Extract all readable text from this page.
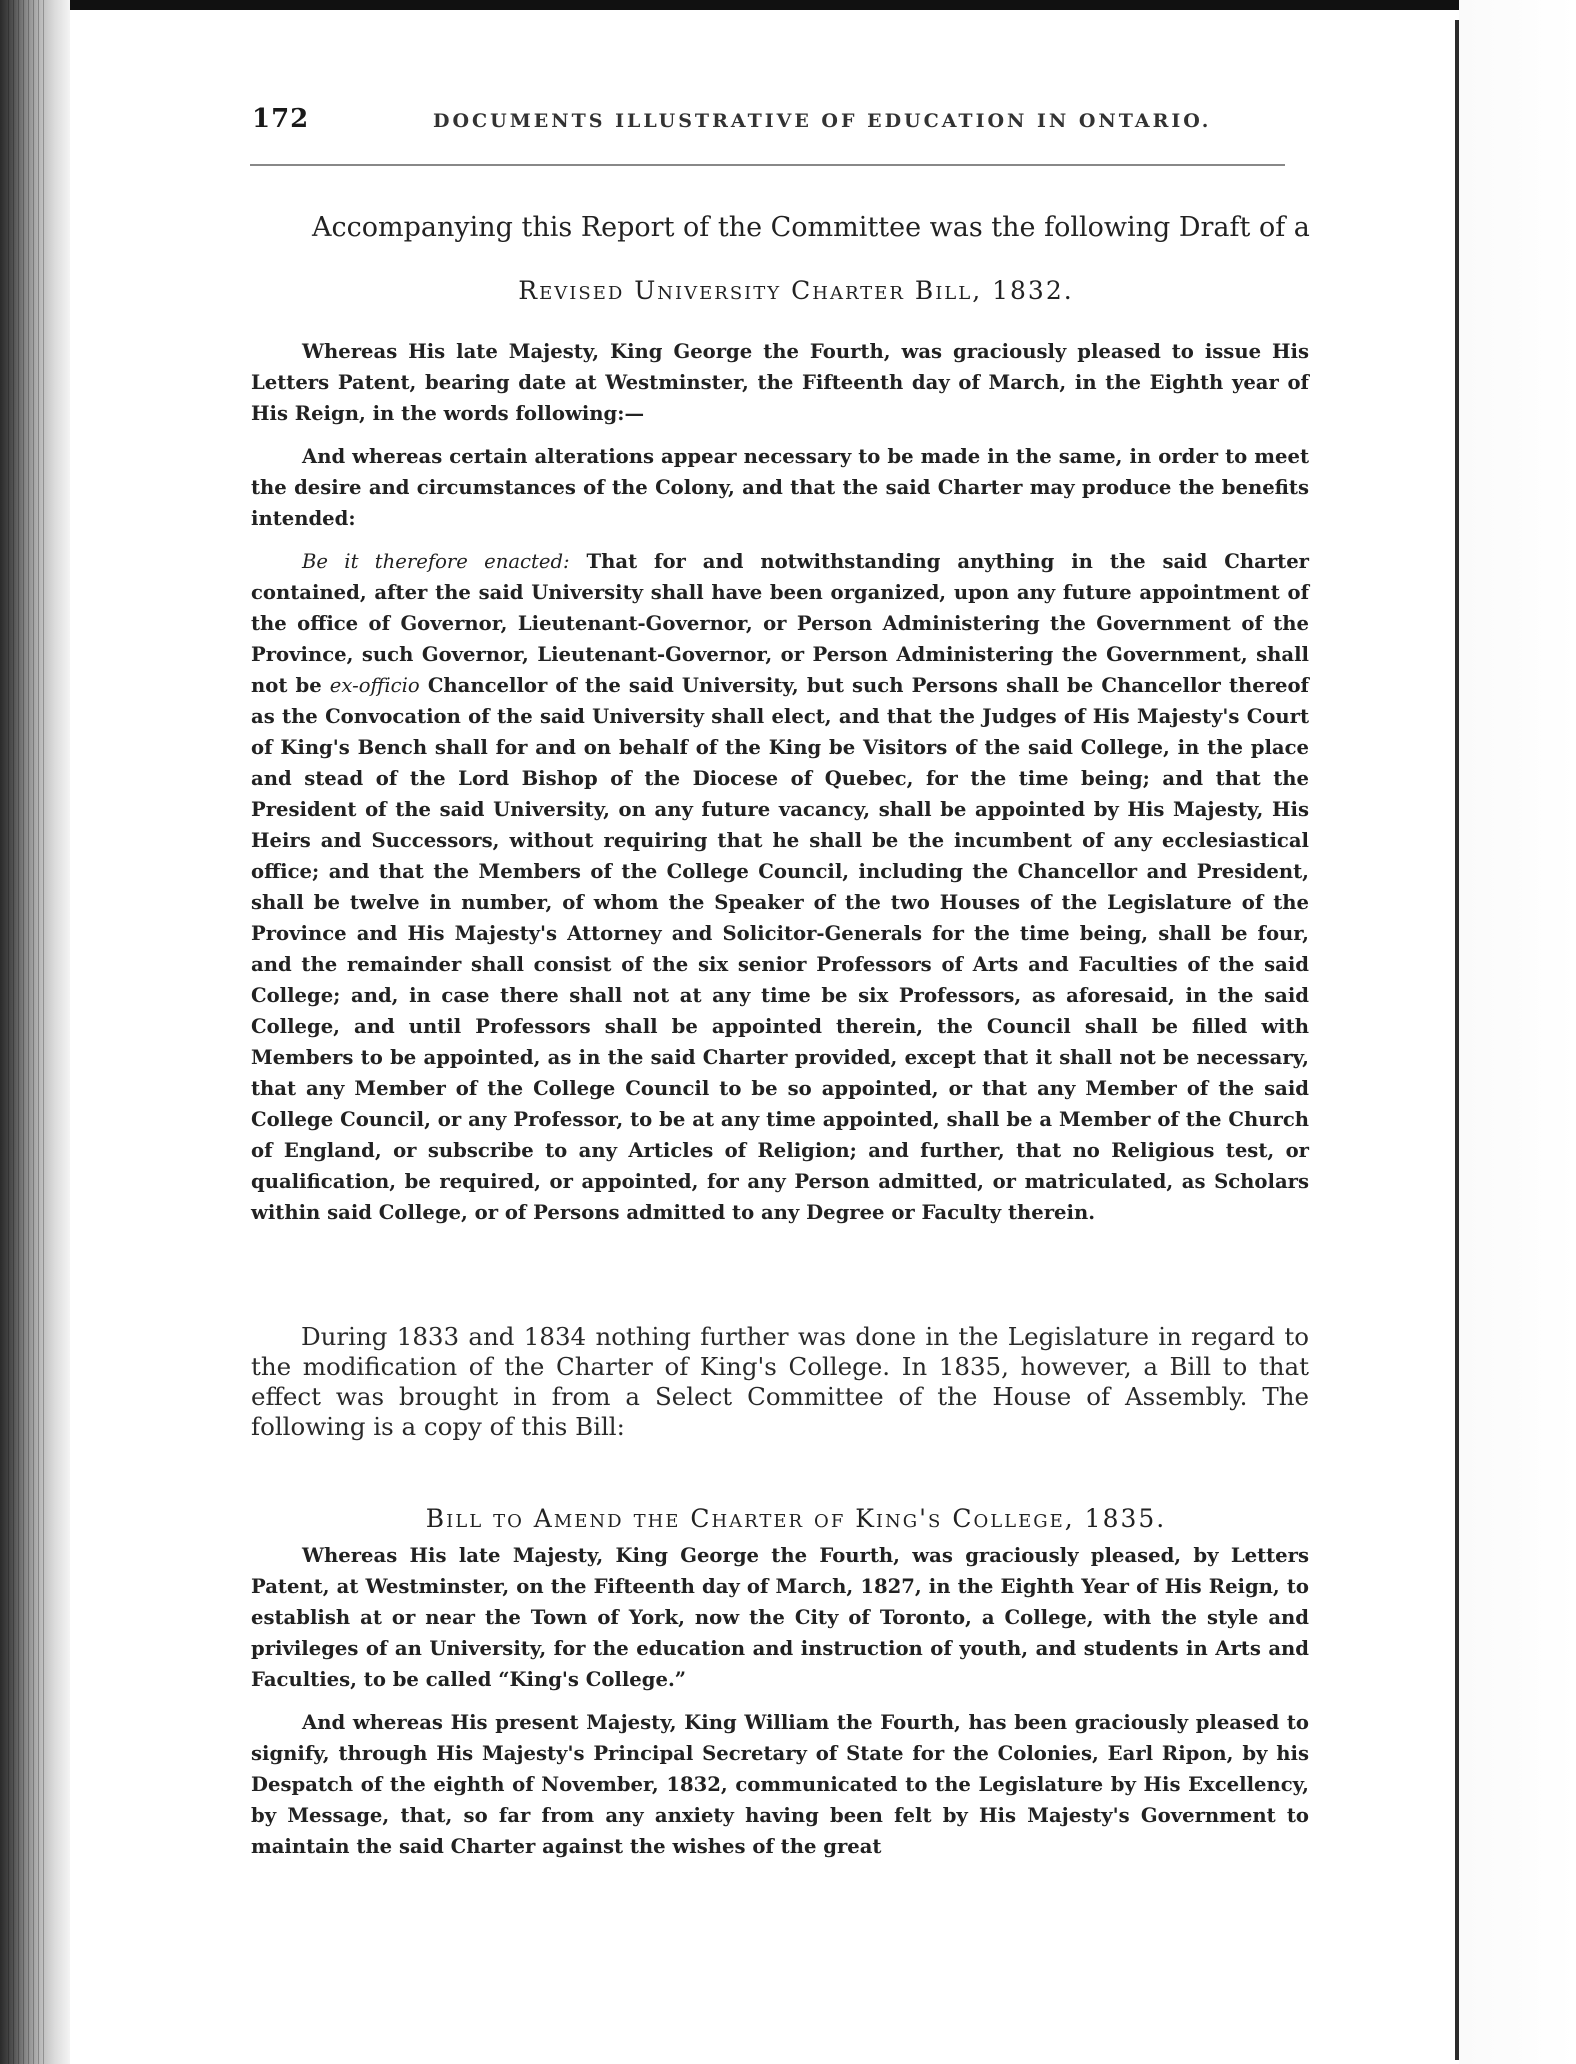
172	DOCUMENTS ILLUSTRATIVE OF EDUCATION IN ONTARIO.
Accompanying this Report of the Committee was the following Draft of a
Revised University Charter Bill, 1832.

Whereas His late Majesty, King George the Fourth, was graciously pleased to issue His Letters Patent, bearing date at Westminster, the Fifteenth day of March, in the Eighth year of His Reign, in the words following:—

And whereas certain alterations appear necessary to be made in the same, in order to meet the desire and circumstances of the Colony, and that the said Charter may produce the benefits intended:

Be it therefore enacted: That for and notwithstanding anything in the said Charter contained, after the said University shall have been organized, upon any future appointment of the office of Governor, Lieutenant-Governor, or Person Administering the Government of the Province, such Governor, Lieutenant-Governor, or Person Administering the Government, shall not be ex-officio Chancellor of the said University, but such Persons shall be Chancellor thereof as the Convocation of the said University shall elect, and that the Judges of His Majesty's Court of King's Bench shall for and on behalf of the King be Visitors of the said College, in the place and stead of the Lord Bishop of the Diocese of Quebec, for the time being; and that the President of the said University, on any future vacancy, shall be appointed by His Majesty, His Heirs and Successors, without requiring that he shall be the incumbent of any ecclesiastical office; and that the Members of the College Council, including the Chancellor and President, shall be twelve in number, of whom the Speaker of the two Houses of the Legislature of the Province and His Majesty's Attorney and Solicitor-Generals for the time being, shall be four, and the remainder shall consist of the six senior Professors of Arts and Faculties of the said College; and, in case there shall not at any time be six Professors, as aforesaid, in the said College, and until Professors shall be appointed therein, the Council shall be filled with Members to be appointed, as in the said Charter provided, except that it shall not be necessary, that any Member of the College Council to be so appointed, or that any Member of the said College Council, or any Professor, to be at any time appointed, shall be a Member of the Church of England, or subscribe to any Articles of Religion; and further, that no Religious test, or qualification, be required, or appointed, for any Person admitted, or matriculated, as Scholars within said College, or of Persons admitted to any Degree or Faculty therein.

During 1833 and 1834 nothing further was done in the Legislature in regard to the modification of the Charter of King's College. In 1835, however, a Bill to that effect was brought in from a Select Committee of the House of Assembly. The following is a copy of this Bill:

Bill to Amend the Charter of King's College, 1835.

Whereas His late Majesty, King George the Fourth, was graciously pleased, by Letters Patent, at Westminster, on the Fifteenth day of March, 1827, in the Eighth Year of His Reign, to establish at or near the Town of York, now the City of Toronto, a College, with the style and privileges of an University, for the education and instruction of youth, and students in Arts and Faculties, to be called “King's College.”

And whereas His present Majesty, King William the Fourth, has been graciously pleased to signify, through His Majesty's Principal Secretary of State for the Colonies, Earl Ripon, by his Despatch of the eighth of November, 1832, communicated to the Legislature by His Excellency, by Message, that, so far from any anxiety having been felt by His Majesty's Government to maintain the said Charter against the wishes of the great
